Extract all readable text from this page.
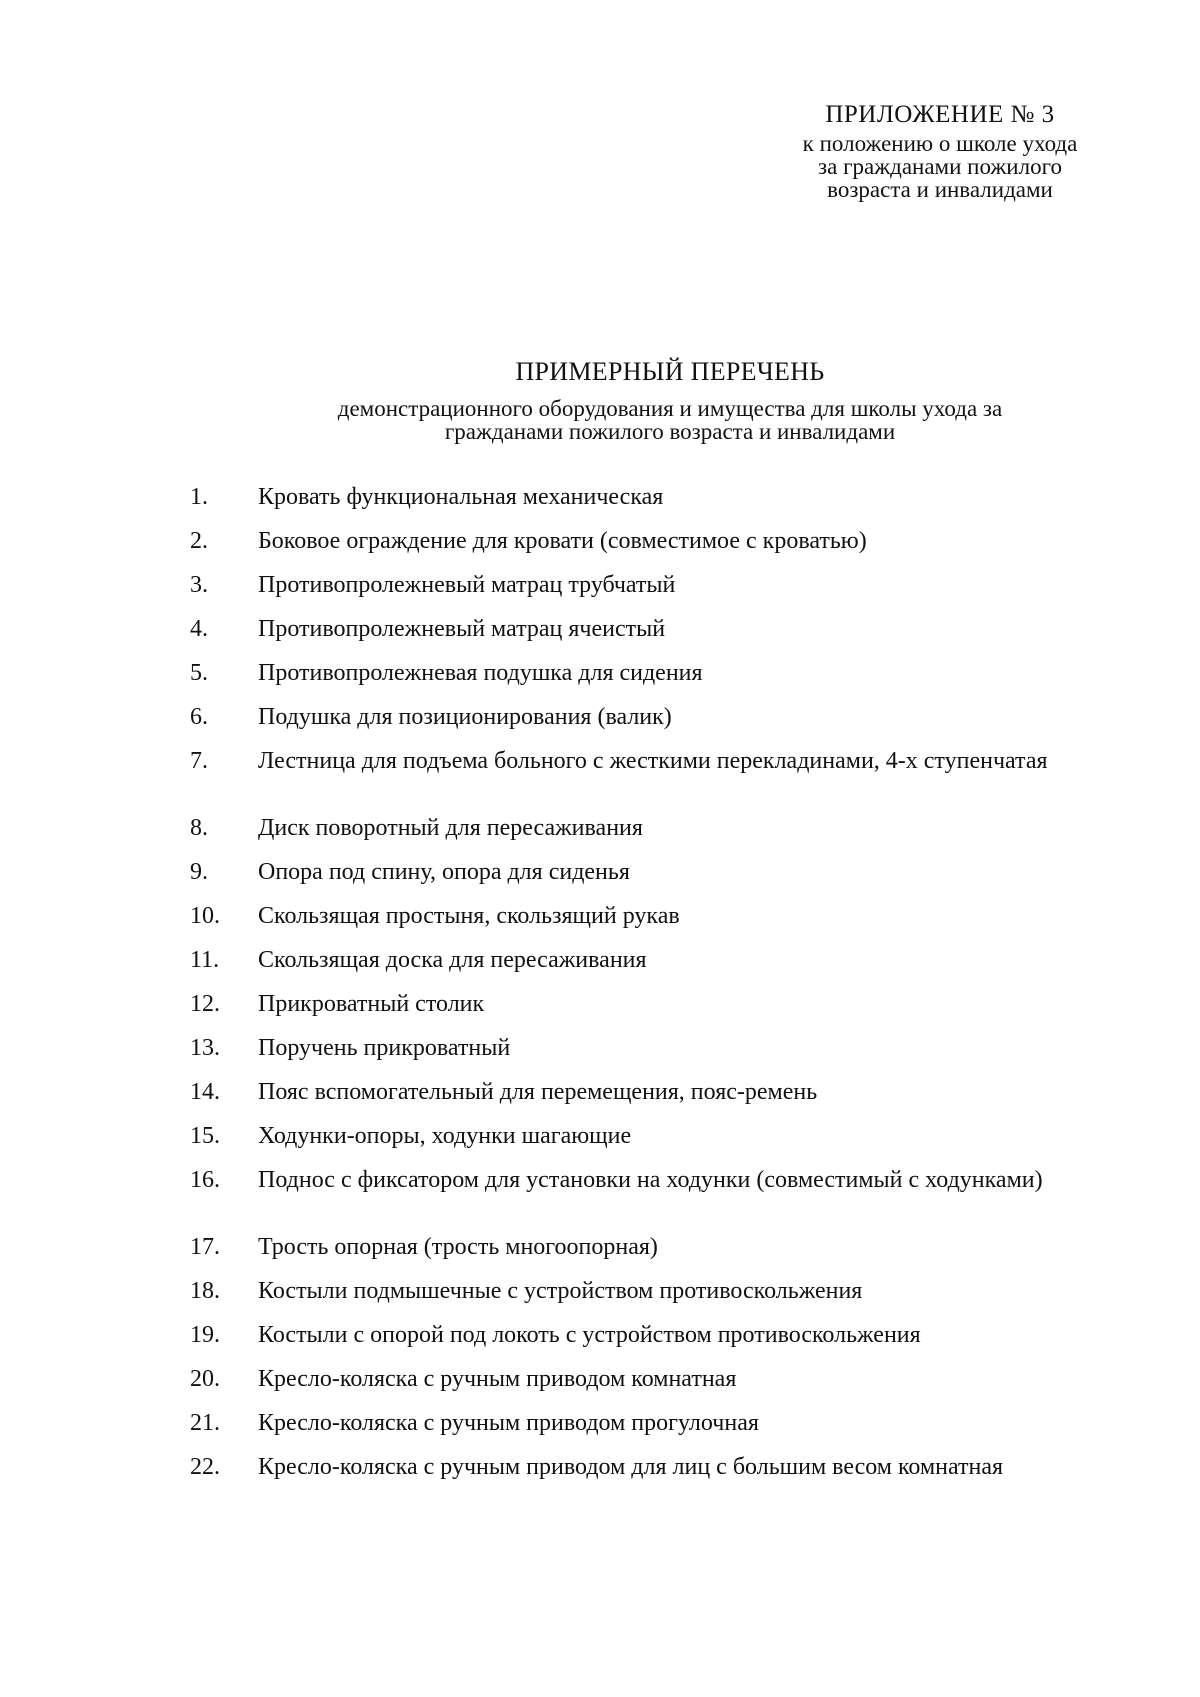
ПРИЛОЖЕНИЕ № 3
к положению о школе ухода
за гражданами пожилого
возраста и инвалидами
ПРИМЕРНЫЙ ПЕРЕЧЕНЬ
демонстрационного оборудования и имущества для школы ухода за
гражданами пожилого возраста и инвалидами
1.	Кровать функциональная механическая
2.	Боковое ограждение для кровати (совместимое с кроватью)
3.	Противопролежневый матрац трубчатый
4.	Противопролежневый матрац ячеистый
5.	Противопролежневая подушка для сидения
6.	Подушка для позиционирования (валик)
7.	Лестница для подъема больного с жесткими перекладинами, 4-х ступенчатая
8.	Диск поворотный для пересаживания
9.	Опора под спину, опора для сиденья
10.	Скользящая простыня, скользящий рукав
11.	Скользящая доска для пересаживания
12.	Прикроватный столик
13.	Поручень прикроватный
14.	Пояс вспомогательный для перемещения, пояс-ремень
15.	Ходунки-опоры, ходунки шагающие
16.	Поднос с фиксатором для установки на ходунки (совместимый с ходунками)
17.	Трость опорная (трость многоопорная)
18.	Костыли подмышечные с устройством противоскольжения
19.	Костыли с опорой под локоть с устройством противоскольжения
20.	Кресло-коляска с ручным приводом комнатная
21.	Кресло-коляска с ручным приводом прогулочная
22.	Кресло-коляска с ручным приводом для лиц с большим весом комнатная
